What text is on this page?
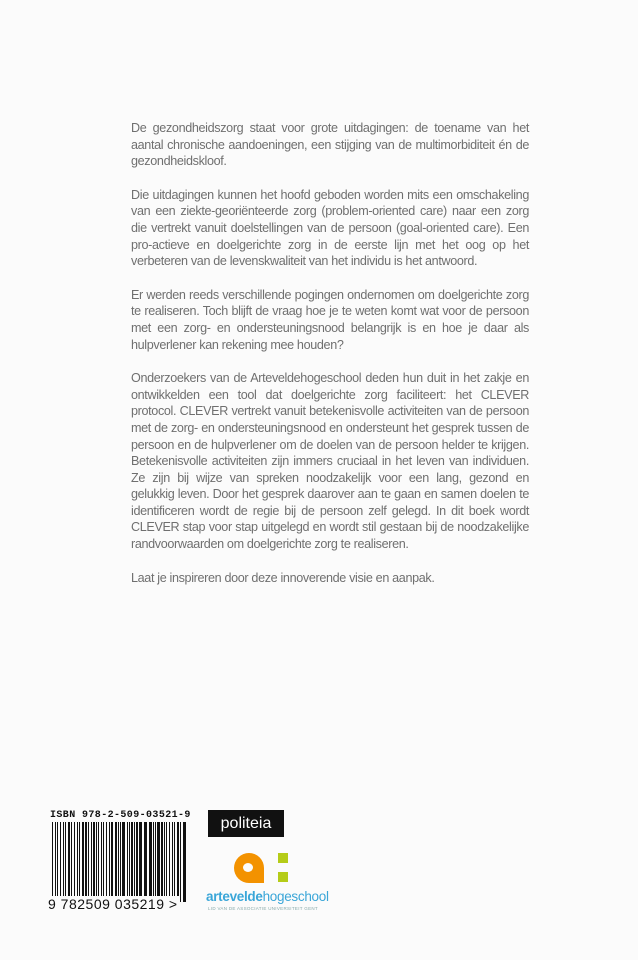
De gezondheidszorg staat voor grote uitdagingen: de toename van het aantal chronische aandoeningen, een stijging van de multimorbiditeit én de gezondheidskloof.

Die uitdagingen kunnen het hoofd geboden worden mits een omschakeling van een ziekte-georiënteerde zorg (problem-oriented care) naar een zorg die vertrekt vanuit doelstellingen van de persoon (goal-oriented care). Een pro-actieve en doelgerichte zorg in de eerste lijn met het oog op het verbeteren van de levenskwaliteit van het individu is het antwoord.

Er werden reeds verschillende pogingen ondernomen om doelgerichte zorg te realiseren. Toch blijft de vraag hoe je te weten komt wat voor de persoon met een zorg- en ondersteuningsnood belangrijk is en hoe je daar als hulpverlener kan rekening mee houden?

Onderzoekers van de Arteveldehogeschool deden hun duit in het zakje en ontwikkelden een tool dat doelgerichte zorg faciliteert: het CLEVER protocol. CLEVER vertrekt vanuit betekenisvolle activiteiten van de persoon met de zorg- en ondersteuningsnood en ondersteunt het gesprek tussen de persoon en de hulpverlener om de doelen van de persoon helder te krijgen. Betekenisvolle activiteiten zijn immers cruciaal in het leven van individuen. Ze zijn bij wijze van spreken noodzakelijk voor een lang, gezond en gelukkig leven. Door het gesprek daarover aan te gaan en samen doelen te identificeren wordt de regie bij de persoon zelf gelegd. In dit boek wordt CLEVER stap voor stap uitgelegd en wordt stil gestaan bij de noodzakelijke randvoorwaarden om doelgerichte zorg te realiseren.

Laat je inspireren door deze innoverende visie en aanpak.

ISBN 978-2-509-03521-9
9 782509 035219 >
politeia
arteveldehogeschool
LID VAN DE ASSOCIATIE UNIVERSITEIT GENT
